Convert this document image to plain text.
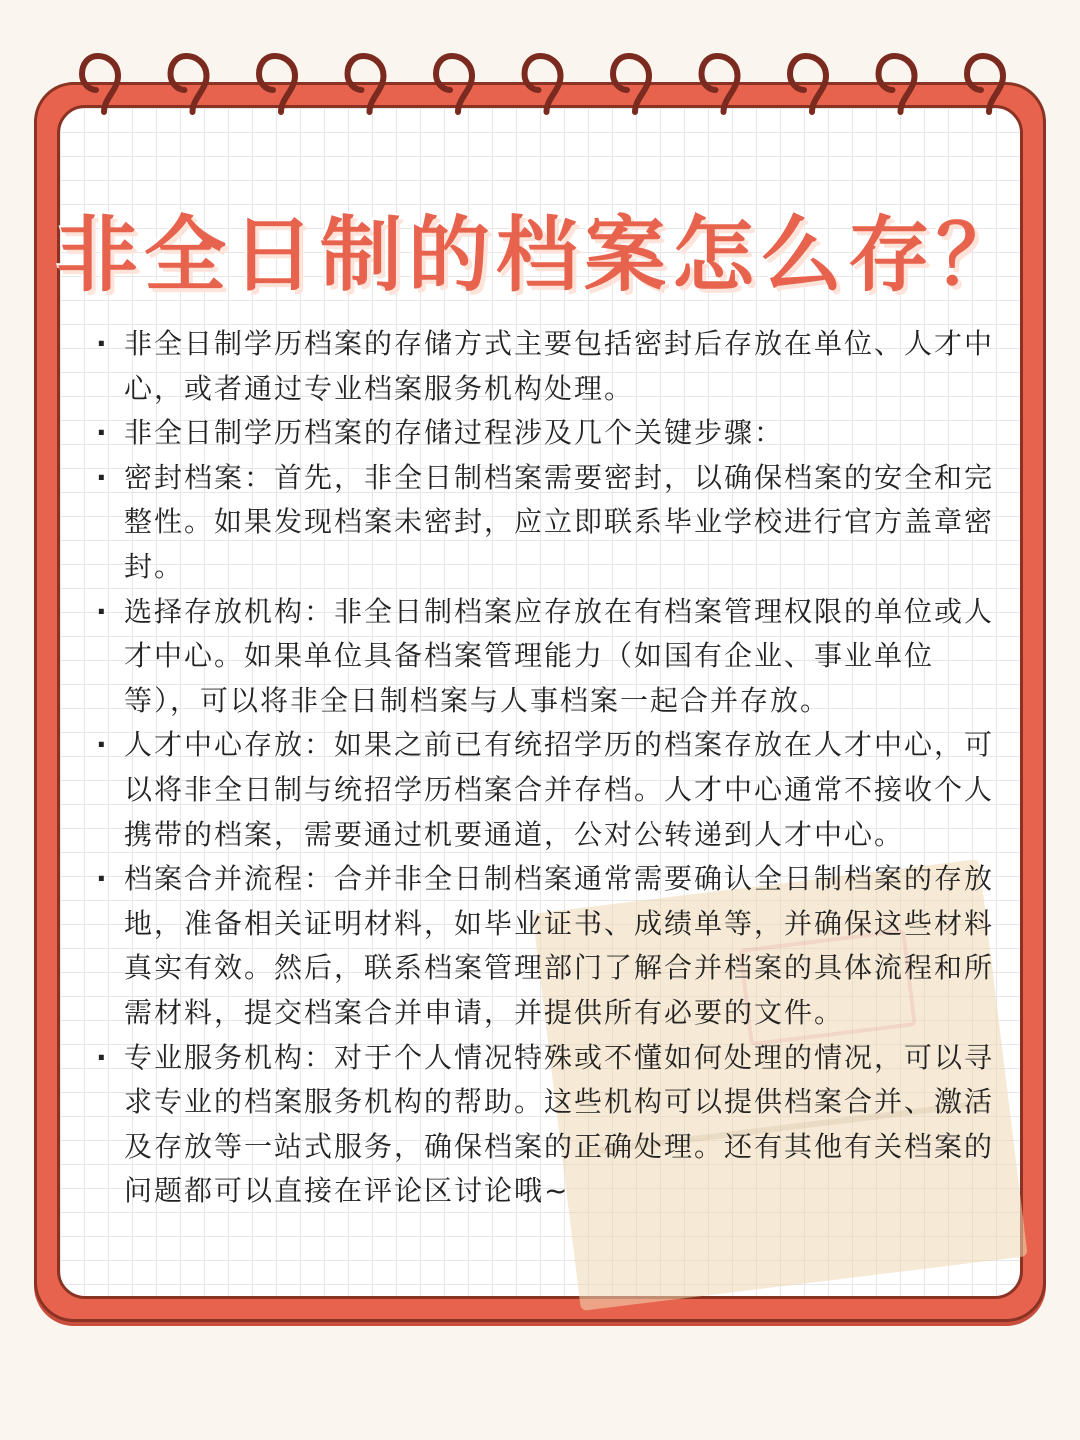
非全日制的档案怎么存？
· 非全日制学历档案的存储方式主要包括密封后存放在单位、人才中心，或者通过专业档案服务机构处理。
· 非全日制学历档案的存储过程涉及几个关键步骤：
· 密封档案：首先，非全日制档案需要密封，以确保档案的安全和完整性。如果发现档案未密封，应立即联系毕业学校进行官方盖章密封。
· 选择存放机构：非全日制档案应存放在有档案管理权限的单位或人才中心。如果单位具备档案管理能力（如国有企业、事业单位等），可以将非全日制档案与人事档案一起合并存放。
· 人才中心存放：如果之前已有统招学历的档案存放在人才中心，可以将非全日制与统招学历档案合并存档。人才中心通常不接收个人携带的档案，需要通过机要通道，公对公转递到人才中心。
· 档案合并流程：合并非全日制档案通常需要确认全日制档案的存放地，准备相关证明材料，如毕业证书、成绩单等，并确保这些材料真实有效。然后，联系档案管理部门了解合并档案的具体流程和所需材料，提交档案合并申请，并提供所有必要的文件。
· 专业服务机构：对于个人情况特殊或不懂如何处理的情况，可以寻求专业的档案服务机构的帮助。这些机构可以提供档案合并、激活及存放等一站式服务，确保档案的正确处理。还有其他有关档案的问题都可以直接在评论区讨论哦~
